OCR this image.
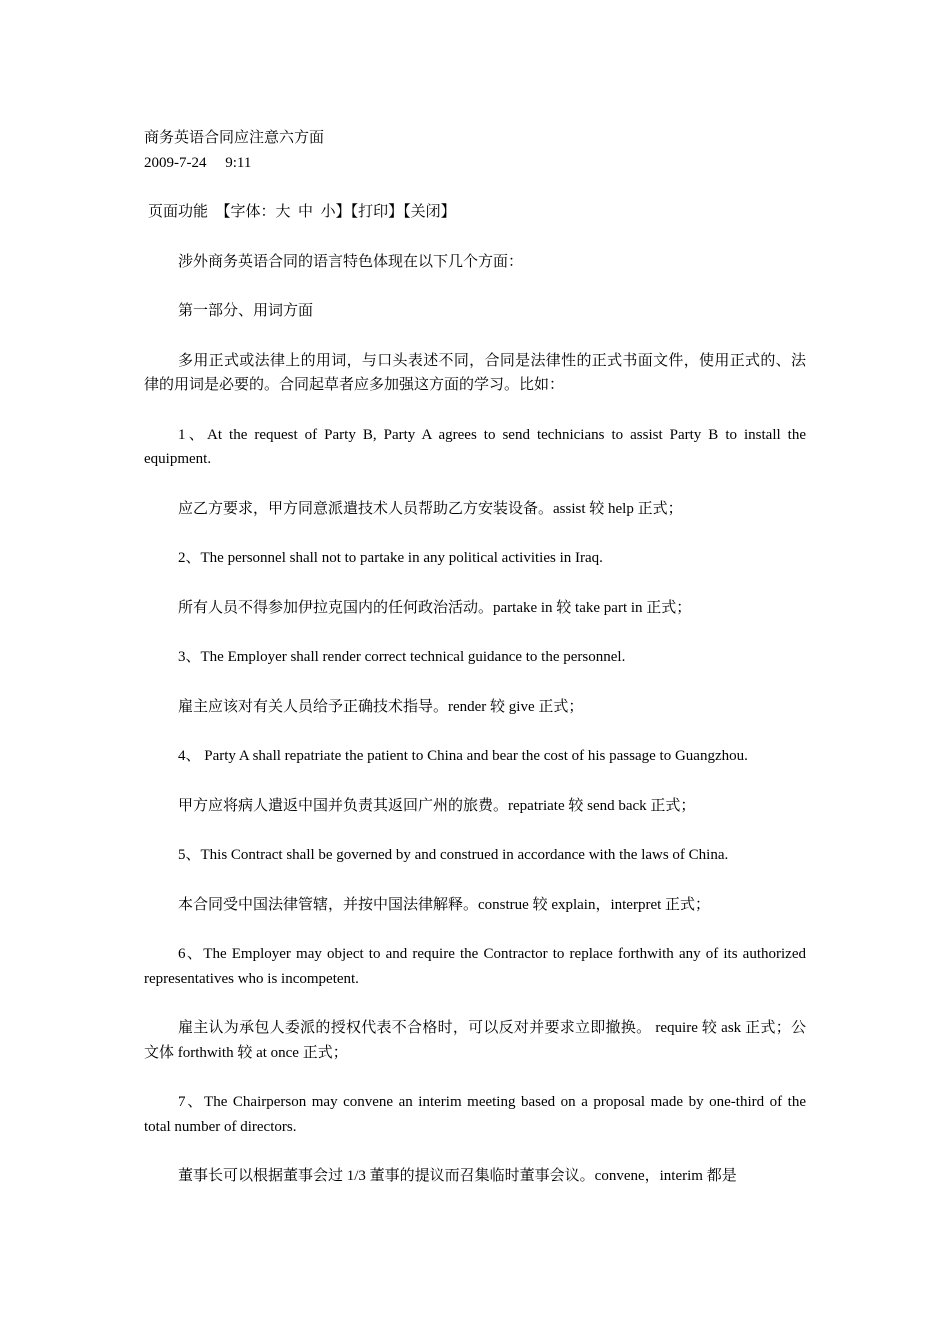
商务英语合同应注意六方面

2009-7-24　 9:11

页面功能 【字体：大 中 小】【打印】【关闭】

涉外商务英语合同的语言特色体现在以下几个方面：

第一部分、用词方面

多用正式或法律上的用词，与口头表述不同，合同是法律性的正式书面文件，使用正式的、法律的用词是必要的。合同起草者应多加强这方面的学习。比如：

1、At the request of Party B, Party A agrees to send technicians to assist Party B to install the equipment.

应乙方要求，甲方同意派遣技术人员帮助乙方安装设备。assist 较 help 正式；

2、The personnel shall not to partake in any political activities in Iraq.

所有人员不得参加伊拉克国内的任何政治活动。partake in 较 take part in 正式；

3、The Employer shall render correct technical guidance to the personnel.

雇主应该对有关人员给予正确技术指导。render 较 give 正式；

4、 Party A shall repatriate the patient to China and bear the cost of his passage to Guangzhou.

甲方应将病人遣返中国并负责其返回广州的旅费。repatriate 较 send back 正式；

5、This Contract shall be governed by and construed in accordance with the laws of China.

本合同受中国法律管辖，并按中国法律解释。construe 较 explain，interpret 正式；

6、The Employer may object to and require the Contractor to replace forthwith any of its authorized representatives who is incompetent.

雇主认为承包人委派的授权代表不合格时，可以反对并要求立即撤换。 require 较 ask 正式；公文体 forthwith 较 at once 正式；

7、The Chairperson may convene an interim meeting based on a proposal made by one-third of the total number of directors.

董事长可以根据董事会过 1/3 董事的提议而召集临时董事会议。convene，interim 都是
